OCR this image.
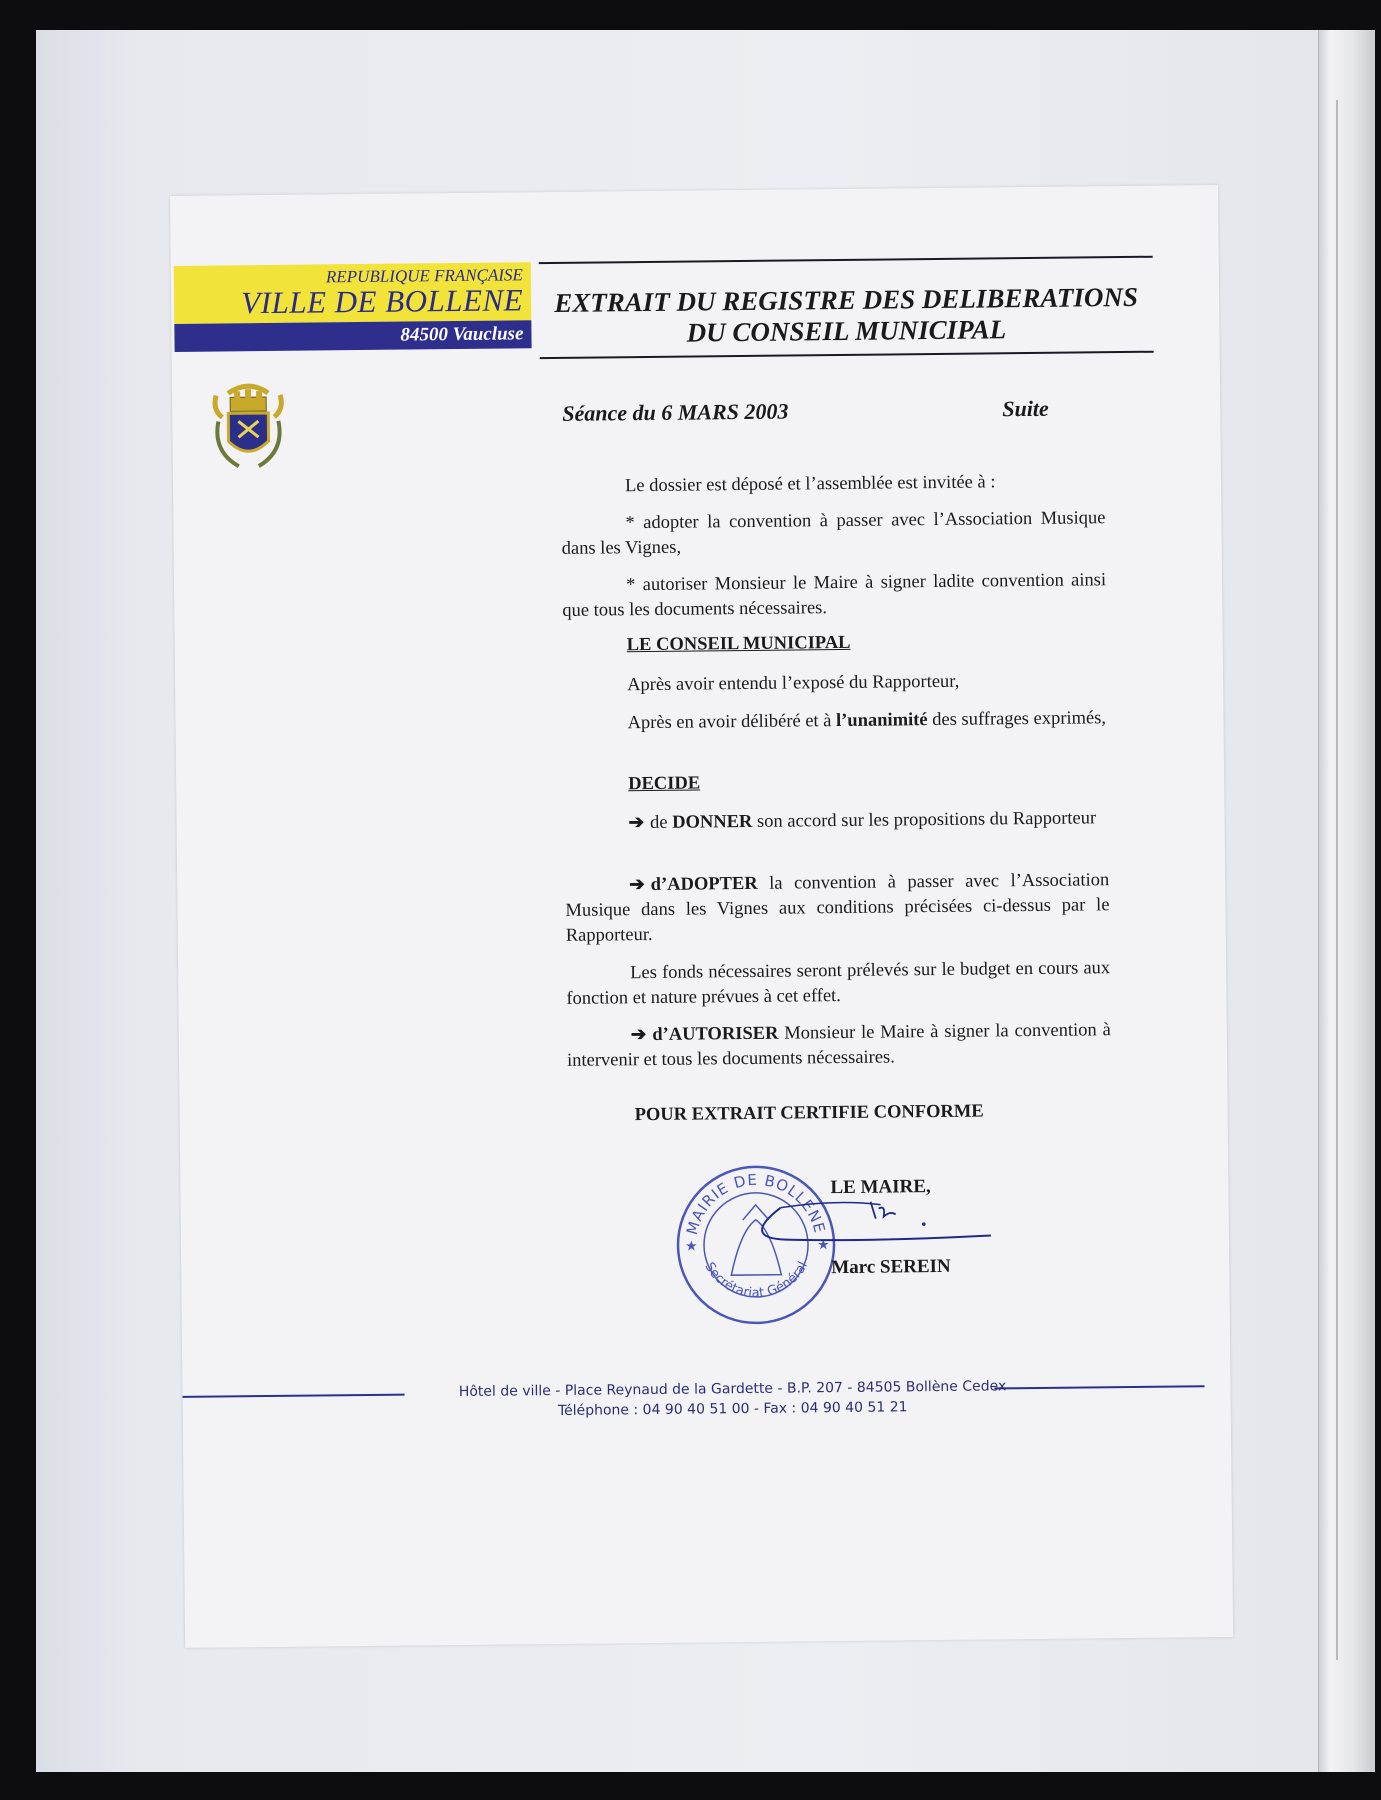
REPUBLIQUE FRANÇAISE
VILLE DE BOLLENE
84500 Vaucluse
EXTRAIT DU REGISTRE DES DELIBERATIONS
DU CONSEIL MUNICIPAL
Séance du 6 MARS 2003	Suite
Le dossier est déposé et l’assemblée est invitée à :
* adopter la convention à passer avec l’Association Musique dans les Vignes,
* autoriser Monsieur le Maire à signer ladite convention ainsi que tous les documents nécessaires.
LE CONSEIL MUNICIPAL
Après avoir entendu l’exposé du Rapporteur,
Après en avoir délibéré et à l’unanimité des suffrages exprimés,
DECIDE
➔ de DONNER son accord sur les propositions du Rapporteur
➔ d’ADOPTER la convention à passer avec l’Association Musique dans les Vignes aux conditions précisées ci-dessus par le Rapporteur.
Les fonds nécessaires seront prélevés sur le budget en cours aux fonction et nature prévues à cet effet.
➔ d’AUTORISER Monsieur le Maire à signer la convention à intervenir et tous les documents nécessaires.
POUR EXTRAIT CERTIFIE CONFORME
MAIRIE DE BOLLENE
Secrétariat Général
★	★
LE MAIRE,
Marc SEREIN
Hôtel de ville - Place Reynaud de la Gardette - B.P. 207 - 84505 Bollène Cedex
Téléphone : 04 90 40 51 00 - Fax : 04 90 40 51 21
